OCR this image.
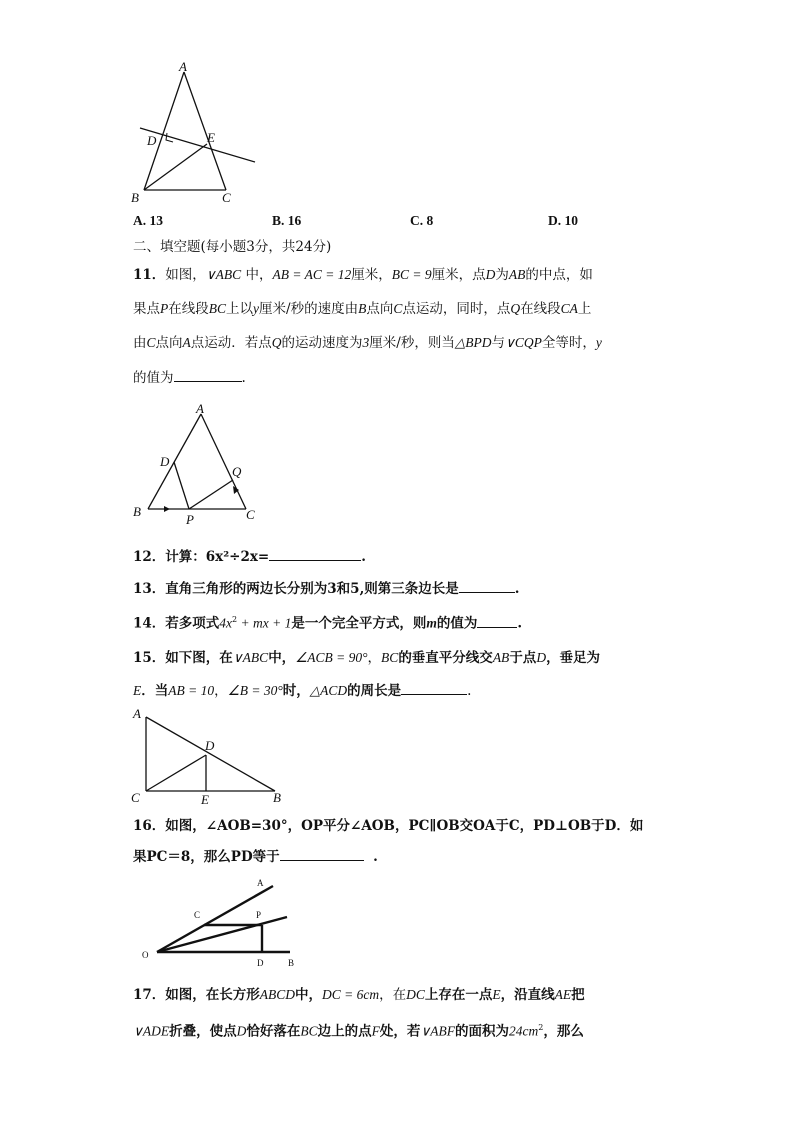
A
D	E
B	C
A. 13	B. 16	C. 8	D. 10
二、填空题(每小题3分，共24分)
11．如图，∨ABC 中，AB = AC = 12厘米，BC = 9厘米，点D为AB的中点，如
果点P在线段BC上以y厘米/秒的速度由B点向C点运动，同时，点Q在线段CA上
由C点向A点运动．若点Q的运动速度为3厘米/秒，则当△BPD与∨CQP全等时，y
的值为	.
A
D
Q
B
P	C
12．计算：6x²÷2x=	.
13．直角三角形的两边长分别为3和5,则第三条边长是	.
14．若多项式$4x^2$ + mx + 1是一个完全平方式，则m的值为	.
15．如下图，在∨ABC中，∠ACB = 90°，BC的垂直平分线交AB于点D，垂足为
E．当AB = 10，∠B = 30°时，△ACD的周长是	.
A
D
C	E	B
16．如图，∠AOB=30°，OP平分∠AOB，PC∥OB交OA于C，PD⊥OB于D．如
果PC＝8，那么PD等于	.
A
C	P
O
D	B
17．如图，在长方形ABCD中，DC = 6cm，在DC上存在一点E，沿直线AE把
∨ADE折叠，使点D恰好落在BC边上的点F处，若∨ABF的面积为$24cm^2$，那么
